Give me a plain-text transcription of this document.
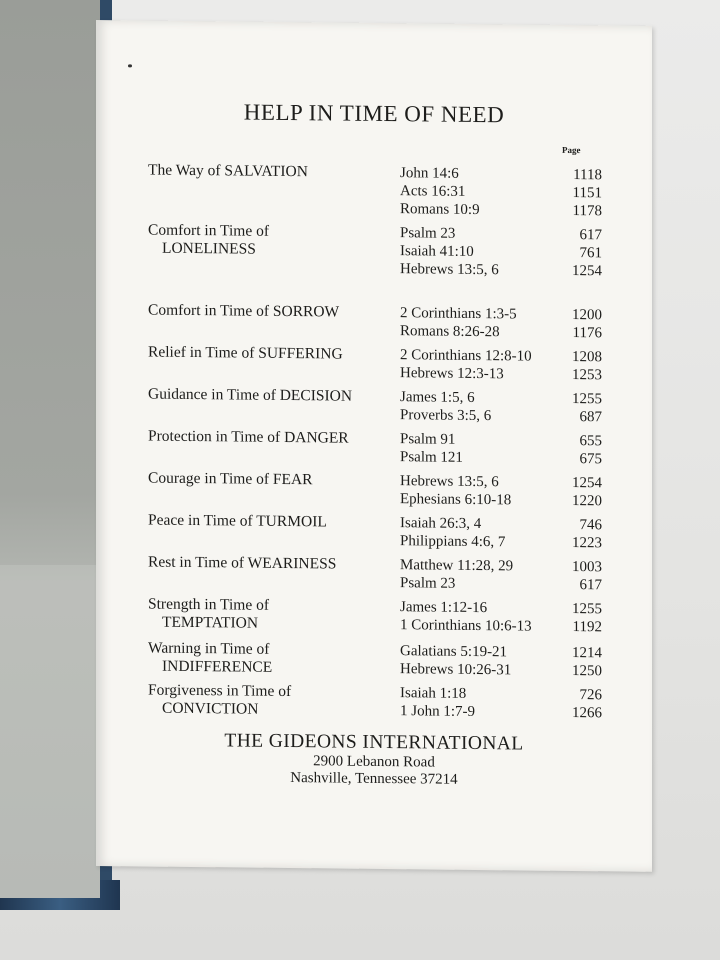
HELP IN TIME OF NEED
Page
The Way of SALVATION	John 14:6	1118
Acts 16:31	1151
Romans 10:9	1178
Comfort in Time of
LONELINESS
Psalm 23	617
Isaiah 41:10	761
Hebrews 13:5, 6	1254
Comfort in Time of SORROW	2 Corinthians 1:3-5	1200
Romans 8:26-28	1176
Relief in Time of SUFFERING	2 Corinthians 12:8-10	1208
Hebrews 12:3-13	1253
Guidance in Time of DECISION	James 1:5, 6	1255
Proverbs 3:5, 6	687
Protection in Time of DANGER	Psalm 91	655
Psalm 121	675
Courage in Time of FEAR	Hebrews 13:5, 6	1254
Ephesians 6:10-18	1220
Peace in Time of TURMOIL	Isaiah 26:3, 4	746
Philippians 4:6, 7	1223
Rest in Time of WEARINESS	Matthew 11:28, 29	1003
Psalm 23	617
Strength in Time of
TEMPTATION
James 1:12-16	1255
1 Corinthians 10:6-13	1192
Warning in Time of
INDIFFERENCE
Galatians 5:19-21	1214
Hebrews 10:26-31	1250
Forgiveness in Time of
CONVICTION
Isaiah 1:18	726
1 John 1:7-9	1266
THE GIDEONS INTERNATIONAL
2900 Lebanon Road
Nashville, Tennessee 37214
